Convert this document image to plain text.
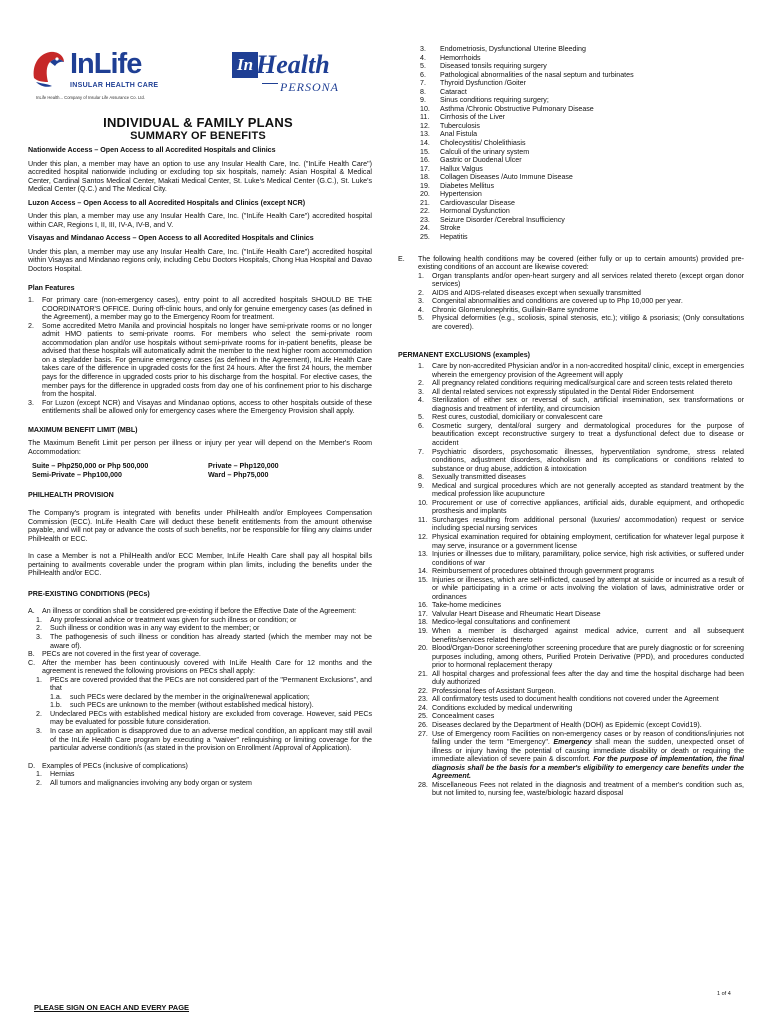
InLife
INSULAR HEALTH CARE
InLife Health... Company of Insular Life Assurance Co. Ltd.
In Health
PERSONA
INDIVIDUAL & FAMILY PLANS
SUMMARY OF BENEFITS

Nationwide Access – Open Access to all Accredited Hospitals and Clinics

Under this plan, a member may have an option to use any Insular Health Care, Inc. ("InLife Health Care") accredited hospital nationwide including or excluding top six hospitals, namely: Asian Hospital & Medical Center, Cardinal Santos Medical Center, Makati Medical Center, St. Luke's Medical Center (G.C.), St. Luke's Medical Center (Q.C.) and The Medical City.

Luzon Access – Open Access to all Accredited Hospitals and Clinics (except NCR)

Under this plan, a member may use any Insular Health Care, Inc. ("InLife Health Care") accredited hospital within CAR, Regions I, II, III, IV-A, IV-B, and V.

Visayas and Mindanao Access – Open Access to all Accredited Hospitals and Clinics

Under this plan, a member may use any Insular Health Care, Inc. ("InLife Health Care") accredited hospital within Visayas and Mindanao regions only, including Cebu Doctors Hospitals, Chong Hua Hospital and Davao Doctors Hospital.

Plan Features

1. For primary care (non-emergency cases), entry point to all accredited hospitals SHOULD BE THE COORDINATOR'S OFFICE. During off-clinic hours, and only for genuine emergency cases (as defined in the Agreement), a member may go to the Emergency Room for treatment.
2. Some accredited Metro Manila and provincial hospitals no longer have semi-private rooms or no longer admit HMO patients to semi-private rooms. For members who select the semi-private room accommodation plan and/or use hospitals without semi-private rooms for in-patient benefits, please be advised that these hospitals will automatically admit the member to the next higher room accommodation on a stepladder basis. For genuine emergency cases (as defined in the Agreement), InLife Health Care takes care of the difference in upgraded costs for the first 24 hours. After the first 24 hours, the member pays for the difference in upgraded costs prior to his discharge from the hospital. For elective cases, the member pays for the difference in upgraded costs from day one of his confinement prior to his discharge from the hospital.
3. For Luzon (except NCR) and Visayas and Mindanao options, access to other hospitals outside of these entitlements shall be allowed only for emergency cases where the Emergency Provision shall apply.

MAXIMUM BENEFIT LIMIT (MBL)

The Maximum Benefit Limit per person per illness or injury per year will depend on the Member's Room Accommodation:

Suite – Php250,000 or Php 500,000	Private – Php120,000
Semi-Private – Php100,000	Ward – Php75,000

PHILHEALTH PROVISION

The Company's program is integrated with benefits under PhilHealth and/or Employees Compensation Commission (ECC). InLife Health Care will deduct these benefit entitlements from the amount otherwise payable, and will not pay or advance the costs of such benefits, nor be responsible for filing any claims under PhilHealth or ECC.

In case a Member is not a PhilHealth and/or ECC Member, InLife Health Care shall pay all hospital bills pertaining to availments coverable under the program within plan limits, including the benefits under the PhilHealth and/or ECC.

PRE-EXISTING CONDITIONS (PECs)

A. An illness or condition shall be considered pre-existing if before the Effective Date of the Agreement:
1. Any professional advice or treatment was given for such illness or condition; or
2. Such illness or condition was in any way evident to the member; or
3. The pathogenesis of such illness or condition has already started (which the member may not be aware of).
B. PECs are not covered in the first year of coverage.
C. After the member has been continuously covered with InLife Health Care for 12 months and the agreement is renewed the following provisions on PECs shall apply:
1. PECs are covered provided that the PECs are not considered part of the "Permanent Exclusions", and that
1.a. such PECs were declared by the member in the original/renewal application;
1.b. such PECs are unknown to the member (without established medical history).
2. Undeclared PECs with established medical history are excluded from coverage. However, said PECs may be evaluated for possible future consideration.
3. In case an application is disapproved due to an adverse medical condition, an applicant may still avail of the InLife Health Care program by executing a "waiver" relinquishing or limiting coverage for the particular adverse condition/s (as stated in the provision on Enrollment /Approval of Application).
D. Examples of PECs (inclusive of complications)
1. Hernias
2. All tumors and malignancies involving any body organ or system
3.	Endometriosis, Dysfunctional Uterine Bleeding
4.	Hemorrhoids
5.	Diseased tonsils requiring surgery
6.	Pathological abnormalities of the nasal septum and turbinates
7.	Thyroid Dysfunction /Goiter
8.	Cataract
9.	Sinus conditions requiring surgery;
10.	Asthma /Chronic Obstructive Pulmonary Disease
11.	Cirrhosis of the Liver
12.	Tuberculosis
13.	Anal Fistula
14.	Cholecystitis/ Cholelithiasis
15.	Calculi of the urinary system
16.	Gastric or Duodenal Ulcer
17.	Hallux Valgus
18.	Collagen Diseases /Auto Immune Disease
19.	Diabetes Mellitus
20.	Hypertension
21.	Cardiovascular Disease
22.	Hormonal Dysfunction
23.	Seizure Disorder /Cerebral Insufficiency
24.	Stroke
25.	Hepatitis
E.	The following health conditions may be covered (either fully or up to certain amounts) provided pre-existing conditions of an account are likewise covered:
1. Organ transplants and/or open-heart surgery and all services related thereto (except organ donor services)
2. AIDS and AIDS-related diseases except when sexually transmitted
3. Congenital abnormalities and conditions are covered up to Php 10,000 per year.
4. Chronic Glomerulonephritis, Guillain-Barre syndrome
5. Physical deformities (e.g., scoliosis, spinal stenosis, etc.); vitiligo & psoriasis; (Only consultations are covered).

PERMANENT EXCLUSIONS (examples)

1. Care by non-accredited Physician and/or in a non-accredited hospital/ clinic, except in emergencies wherein the emergency provision of the Agreement will apply
2. All pregnancy related conditions requiring medical/surgical care and screen tests related thereto
3. All dental related services not expressly stipulated in the Dental Rider Endorsement
4. Sterilization of either sex or reversal of such, artificial insemination, sex transformations or diagnosis and treatment of infertility, and circumcision
5. Rest cures, custodial, domiciliary or convalescent care
6. Cosmetic surgery, dental/oral surgery and dermatological procedures for the purpose of beautification except reconstructive surgery to treat a dysfunctional defect due to disease or accident
7. Psychiatric disorders, psychosomatic illnesses, hyperventilation syndrome, stress related conditions, adjustment disorders, alcoholism and its complications or conditions related to substance or drug abuse, addiction & intoxication
8. Sexually transmitted diseases
9. Medical and surgical procedures which are not generally accepted as standard treatment by the medical profession like acupuncture
10. Procurement or use of corrective appliances, artificial aids, durable equipment, and orthopedic prosthesis and implants
11. Surcharges resulting from additional personal (luxuries/ accommodation) request or service including special nursing services
12. Physical examination required for obtaining employment, certification for whatever legal purpose it may serve, insurance or a government license
13. Injuries or illnesses due to military, paramilitary, police service, high risk activities, or suffered under conditions of war
14. Reimbursement of procedures obtained through government programs
15. Injuries or illnesses, which are self-inflicted, caused by attempt at suicide or incurred as a result of or while participating in a crime or acts involving the violation of laws, administrative order or ordinances
16. Take-home medicines
17. Valvular Heart Disease and Rheumatic Heart Disease
18. Medico-legal consultations and confinement
19. When a member is discharged against medical advice, current and all subsequent benefits/services related thereto
20. Blood/Organ-Donor screening/other screening procedure that are purely diagnostic or for screening purposes including, among others, Purified Protein Derivative (PPD), and procedures conducted prior to hormonal replacement therapy
21. All hospital charges and professional fees after the day and time the hospital discharge had been duly authorized
22. Professional fees of Assistant Surgeon.
23. All confirmatory tests used to document health conditions not covered under the Agreement
24. Conditions excluded by medical underwriting
25. Concealment cases
26. Diseases declared by the Department of Health (DOH) as Epidemic (except Covid19).
27. Use of Emergency room Facilities on non-emergency cases or by reason of conditions/injuries not falling under the term "Emergency". Emergency shall mean the sudden, unexpected onset of illness or injury having the potential of causing immediate disability or death or requiring the immediate alleviation of severe pain & discomfort. For the purpose of implementation, the final diagnosis shall be the basis for a member's eligibility to emergency care benefits under the Agreement.
28. Miscellaneous Fees not related in the diagnosis and treatment of a member's condition such as, but not limited to, nursing fee, waste/biologic hazard disposal
1 of 4
PLEASE SIGN ON EACH AND EVERY PAGE
